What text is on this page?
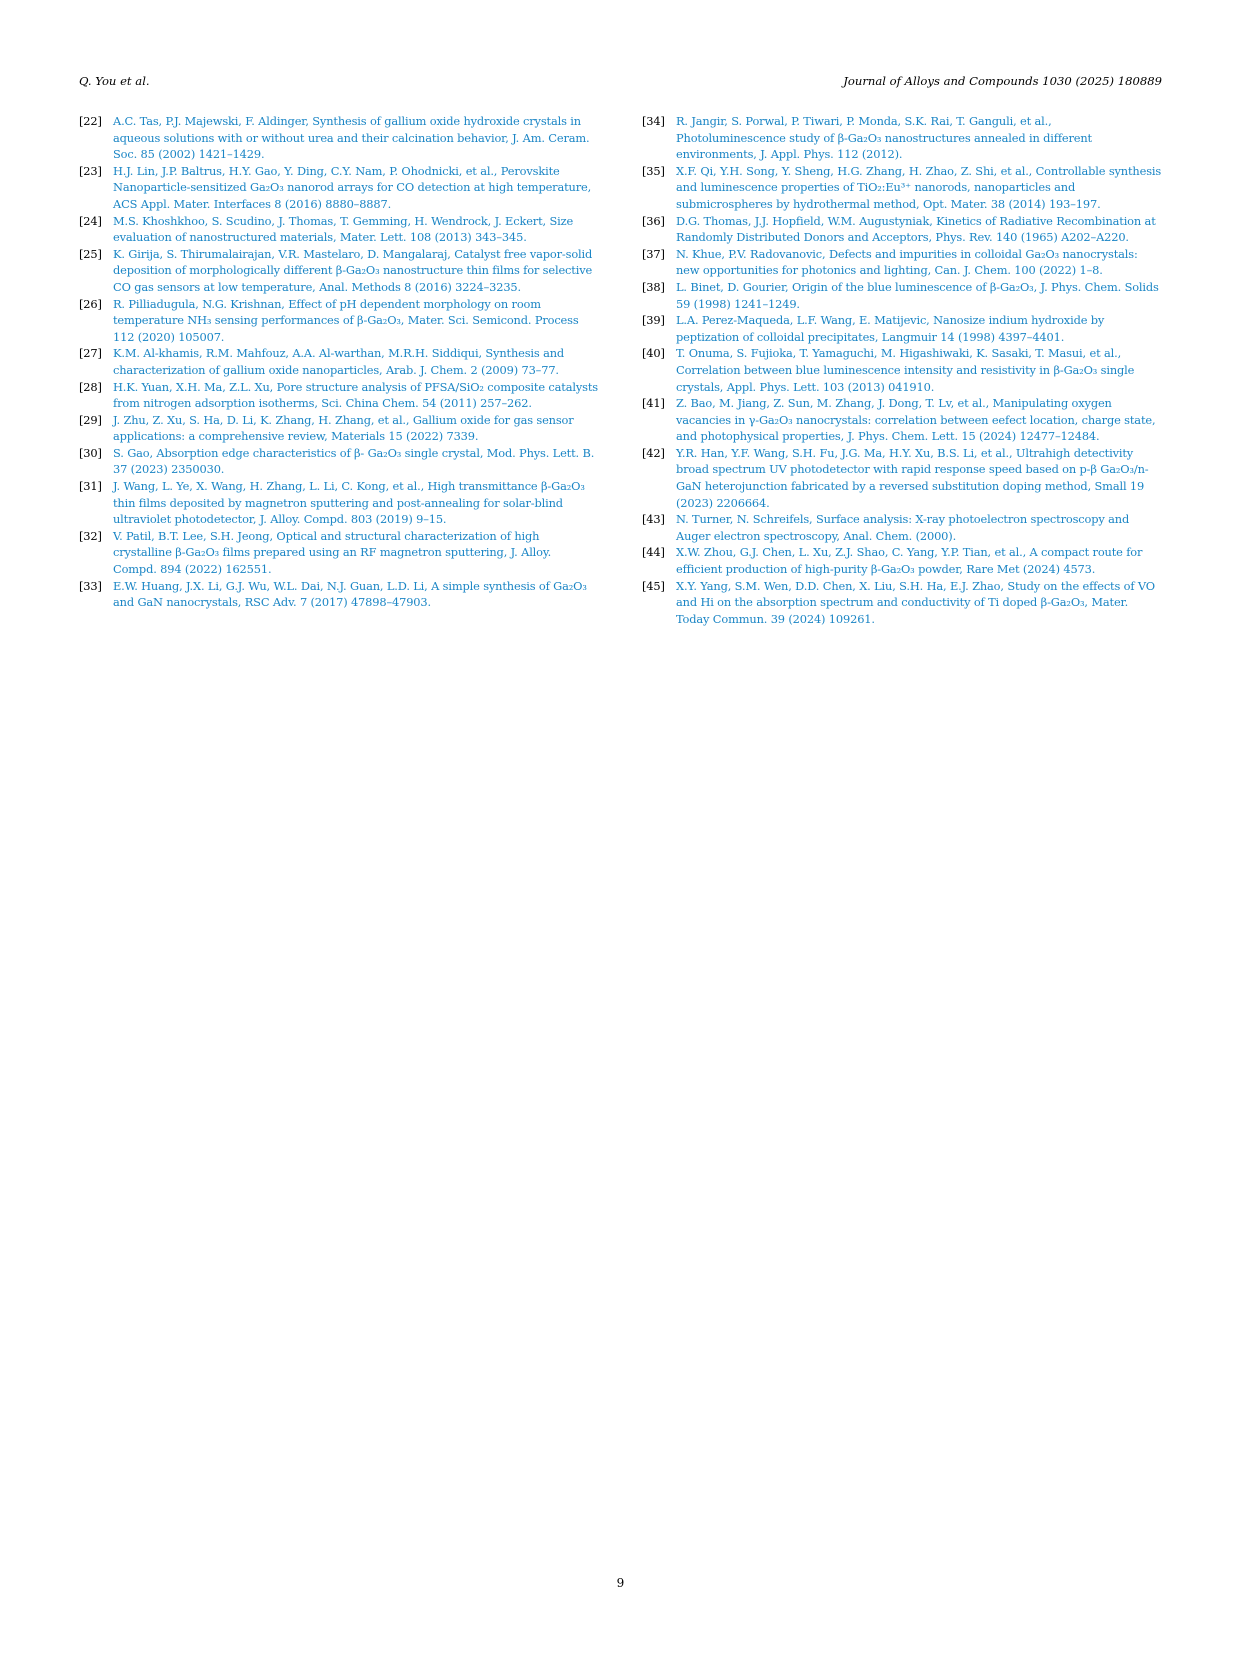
Q. You et al.	Journal of Alloys and Compounds 1030 (2025) 180889
[22] A.C. Tas, P.J. Majewski, F. Aldinger, Synthesis of gallium oxide hydroxide crystals in aqueous solutions with or without urea and their calcination behavior, J. Am. Ceram. Soc. 85 (2002) 1421–1429.
[23] H.J. Lin, J.P. Baltrus, H.Y. Gao, Y. Ding, C.Y. Nam, P. Ohodnicki, et al., Perovskite Nanoparticle-sensitized Ga₂O₃ nanorod arrays for CO detection at high temperature, ACS Appl. Mater. Interfaces 8 (2016) 8880–8887.
[24] M.S. Khoshkhoo, S. Scudino, J. Thomas, T. Gemming, H. Wendrock, J. Eckert, Size evaluation of nanostructured materials, Mater. Lett. 108 (2013) 343–345.
[25] K. Girija, S. Thirumalairajan, V.R. Mastelaro, D. Mangalaraj, Catalyst free vapor-solid deposition of morphologically different β-Ga₂O₃ nanostructure thin films for selective CO gas sensors at low temperature, Anal. Methods 8 (2016) 3224–3235.
[26] R. Pilliadugula, N.G. Krishnan, Effect of pH dependent morphology on room temperature NH₃ sensing performances of β-Ga₂O₃, Mater. Sci. Semicond. Process 112 (2020) 105007.
[27] K.M. Al-khamis, R.M. Mahfouz, A.A. Al-warthan, M.R.H. Siddiqui, Synthesis and characterization of gallium oxide nanoparticles, Arab. J. Chem. 2 (2009) 73–77.
[28] H.K. Yuan, X.H. Ma, Z.L. Xu, Pore structure analysis of PFSA/SiO₂ composite catalysts from nitrogen adsorption isotherms, Sci. China Chem. 54 (2011) 257–262.
[29] J. Zhu, Z. Xu, S. Ha, D. Li, K. Zhang, H. Zhang, et al., Gallium oxide for gas sensor applications: a comprehensive review, Materials 15 (2022) 7339.
[30] S. Gao, Absorption edge characteristics of β- Ga₂O₃ single crystal, Mod. Phys. Lett. B. 37 (2023) 2350030.
[31] J. Wang, L. Ye, X. Wang, H. Zhang, L. Li, C. Kong, et al., High transmittance β-Ga₂O₃ thin films deposited by magnetron sputtering and post-annealing for solar-blind ultraviolet photodetector, J. Alloy. Compd. 803 (2019) 9–15.
[32] V. Patil, B.T. Lee, S.H. Jeong, Optical and structural characterization of high crystalline β-Ga₂O₃ films prepared using an RF magnetron sputtering, J. Alloy. Compd. 894 (2022) 162551.
[33] E.W. Huang, J.X. Li, G.J. Wu, W.L. Dai, N.J. Guan, L.D. Li, A simple synthesis of Ga₂O₃ and GaN nanocrystals, RSC Adv. 7 (2017) 47898–47903.
[34] R. Jangir, S. Porwal, P. Tiwari, P. Monda, S.K. Rai, T. Ganguli, et al., Photoluminescence study of β-Ga₂O₃ nanostructures annealed in different environments, J. Appl. Phys. 112 (2012).
[35] X.F. Qi, Y.H. Song, Y. Sheng, H.G. Zhang, H. Zhao, Z. Shi, et al., Controllable synthesis and luminescence properties of TiO₂:Eu³⁺ nanorods, nanoparticles and submicrospheres by hydrothermal method, Opt. Mater. 38 (2014) 193–197.
[36] D.G. Thomas, J.J. Hopfield, W.M. Augustyniak, Kinetics of Radiative Recombination at Randomly Distributed Donors and Acceptors, Phys. Rev. 140 (1965) A202–A220.
[37] N. Khue, P.V. Radovanovic, Defects and impurities in colloidal Ga₂O₃ nanocrystals: new opportunities for photonics and lighting, Can. J. Chem. 100 (2022) 1–8.
[38] L. Binet, D. Gourier, Origin of the blue luminescence of β-Ga₂O₃, J. Phys. Chem. Solids 59 (1998) 1241–1249.
[39] L.A. Perez-Maqueda, L.F. Wang, E. Matijevic, Nanosize indium hydroxide by peptization of colloidal precipitates, Langmuir 14 (1998) 4397–4401.
[40] T. Onuma, S. Fujioka, T. Yamaguchi, M. Higashiwaki, K. Sasaki, T. Masui, et al., Correlation between blue luminescence intensity and resistivity in β-Ga₂O₃ single crystals, Appl. Phys. Lett. 103 (2013) 041910.
[41] Z. Bao, M. Jiang, Z. Sun, M. Zhang, J. Dong, T. Lv, et al., Manipulating oxygen vacancies in γ-Ga₂O₃ nanocrystals: correlation between eefect location, charge state, and photophysical properties, J. Phys. Chem. Lett. 15 (2024) 12477–12484.
[42] Y.R. Han, Y.F. Wang, S.H. Fu, J.G. Ma, H.Y. Xu, B.S. Li, et al., Ultrahigh detectivity broad spectrum UV photodetector with rapid response speed based on p-β Ga₂O₃/n-GaN heterojunction fabricated by a reversed substitution doping method, Small 19 (2023) 2206664.
[43] N. Turner, N. Schreifels, Surface analysis: X-ray photoelectron spectroscopy and Auger electron spectroscopy, Anal. Chem. (2000).
[44] X.W. Zhou, G.J. Chen, L. Xu, Z.J. Shao, C. Yang, Y.P. Tian, et al., A compact route for efficient production of high-purity β-Ga₂O₃ powder, Rare Met (2024) 4573.
[45] X.Y. Yang, S.M. Wen, D.D. Chen, X. Liu, S.H. Ha, E.J. Zhao, Study on the effects of VO and Hi on the absorption spectrum and conductivity of Ti doped β-Ga₂O₃, Mater. Today Commun. 39 (2024) 109261.
9
